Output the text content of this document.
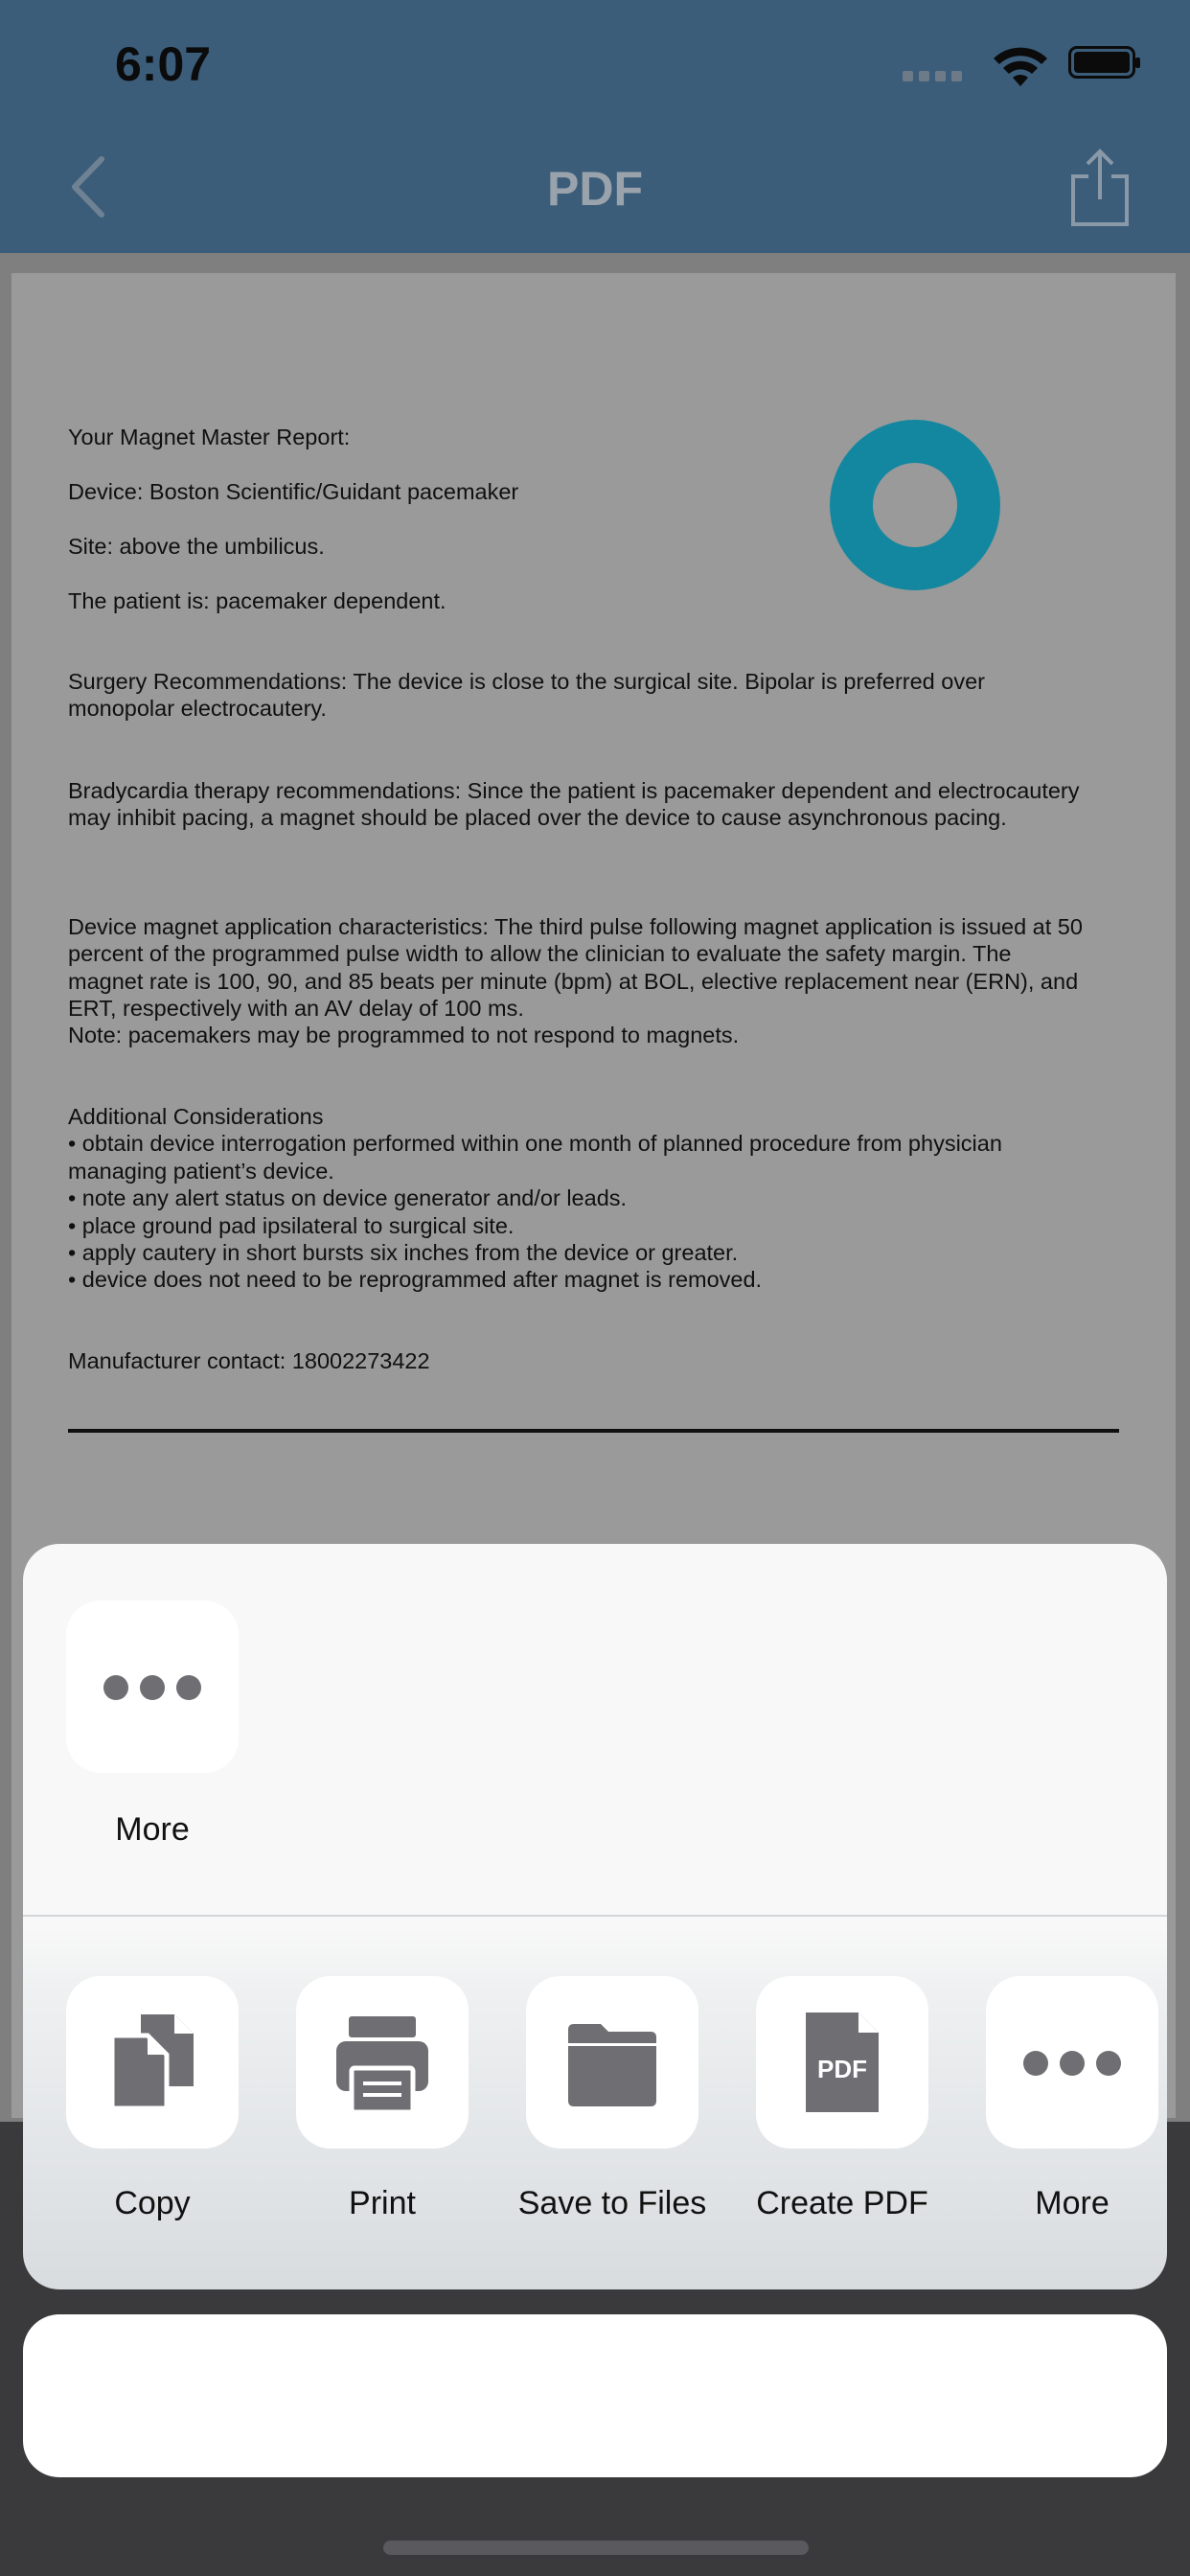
6:07
PDF
Your Magnet Master Report:
Device: Boston Scientific/Guidant pacemaker
Site: above the umbilicus.
The patient is: pacemaker dependent.
Surgery Recommendations: The device is close to the surgical site. Bipolar is preferred over monopolar electrocautery.
Bradycardia therapy recommendations: Since the patient is pacemaker dependent and electrocautery may inhibit pacing, a magnet should be placed over the device to cause asynchronous pacing.
Device magnet application characteristics: The third pulse following magnet application is issued at 50 percent of the programmed pulse width to allow the clinician to evaluate the safety margin. The magnet rate is 100, 90, and 85 beats per minute (bpm) at BOL, elective replacement near (ERN), and ERT, respectively with an AV delay of 100 ms.
Note: pacemakers may be programmed to not respond to magnets.
Additional Considerations
• obtain device interrogation performed within one month of planned procedure from physician managing patient’s device.
• note any alert status on device generator and/or leads.
• place ground pad ipsilateral to surgical site.
• apply cautery in short bursts six inches from the device or greater.
• device does not need to be reprogrammed after magnet is removed.
Manufacturer contact: 18002273422
More
Copy	Print	Save to Files
PDF
Create PDF	More
